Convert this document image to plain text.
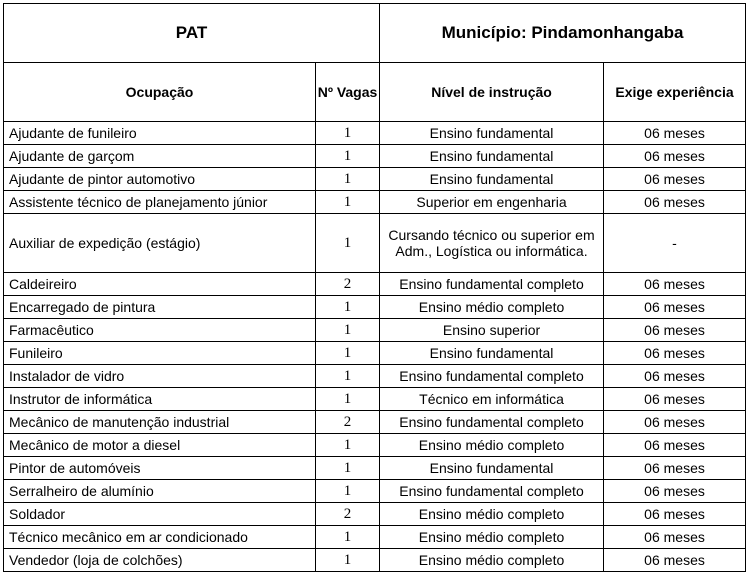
PAT		Município: Pindamonhangaba	
Ocupação	Nº Vagas	Nível de instrução	Exige experiência
Ajudante de funileiro	1	Ensino fundamental	06 meses
Ajudante de garçom	1	Ensino fundamental	06 meses
Ajudante de pintor automotivo	1	Ensino fundamental	06 meses
Assistente técnico de planejamento júnior	1	Superior em engenharia	06 meses
Auxiliar de expedição (estágio)	1	Cursando técnico ou superior em Adm., Logística ou informática.	-
Caldeireiro	2	Ensino fundamental completo	06 meses
Encarregado de pintura	1	Ensino médio completo	06 meses
Farmacêutico	1	Ensino superior	06 meses
Funileiro	1	Ensino fundamental	06 meses
Instalador de vidro	1	Ensino fundamental completo	06 meses
Instrutor de informática	1	Técnico em informática	06 meses
Mecânico de manutenção industrial	2	Ensino fundamental completo	06 meses
Mecânico de motor a diesel	1	Ensino médio completo	06 meses
Pintor de automóveis	1	Ensino fundamental	06 meses
Serralheiro de alumínio	1	Ensino fundamental completo	06 meses
Soldador	2	Ensino médio completo	06 meses
Técnico mecânico em ar condicionado	1	Ensino médio completo	06 meses
Vendedor (loja de colchões)	1	Ensino médio completo	06 meses
